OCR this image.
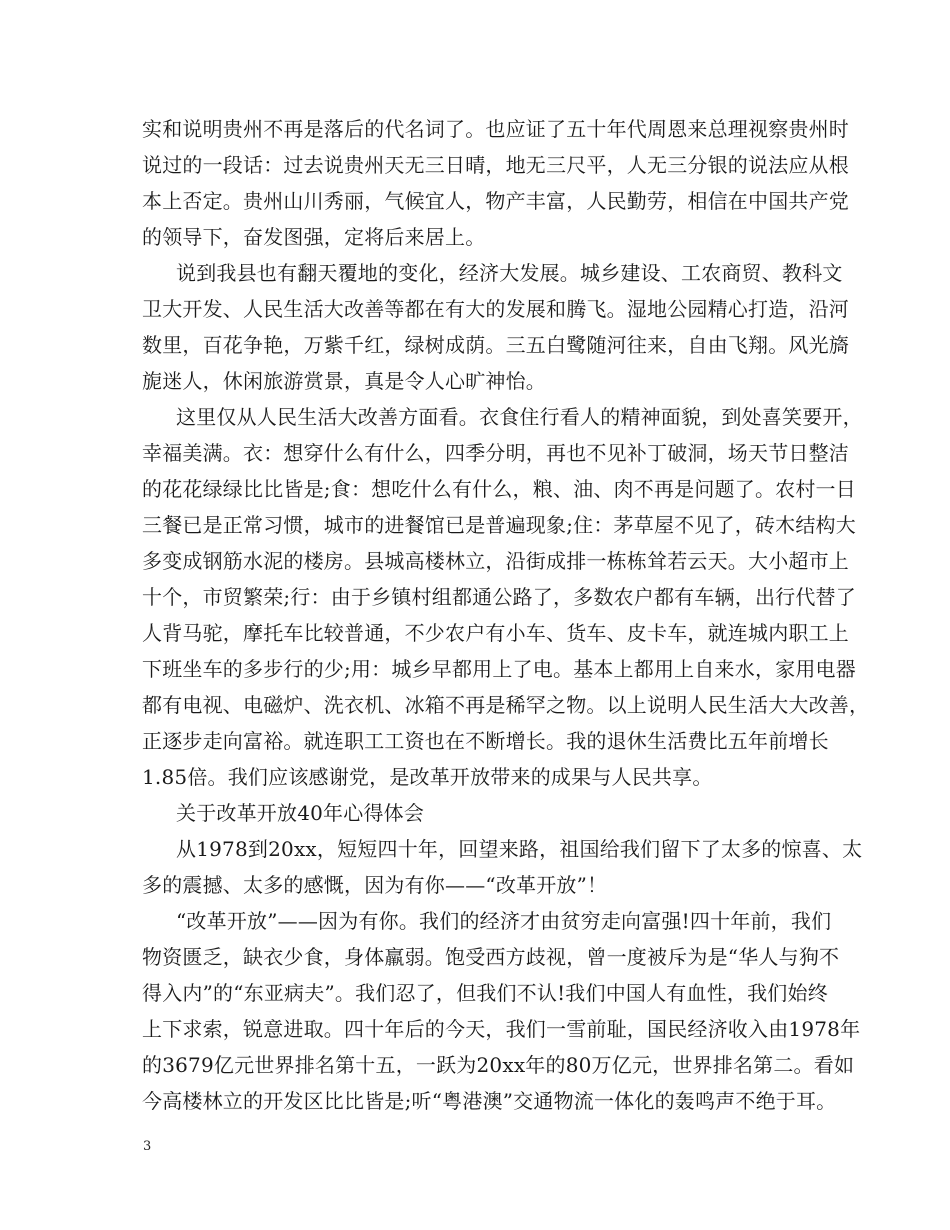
实和说明贵州不再是落后的代名词了。也应证了五十年代周恩来总理视察贵州时
说过的一段话：过去说贵州天无三日晴，地无三尺平，人无三分银的说法应从根
本上否定。贵州山川秀丽，气候宜人，物产丰富，人民勤劳，相信在中国共产党
的领导下，奋发图强，定将后来居上。
说到我县也有翻天覆地的变化，经济大发展。城乡建设、工农商贸、教科文
卫大开发、人民生活大改善等都在有大的发展和腾飞。湿地公园精心打造，沿河
数里，百花争艳，万紫千红，绿树成荫。三五白鹭随河往来，自由飞翔。风光旖
旎迷人，休闲旅游赏景，真是令人心旷神怡。
这里仅从人民生活大改善方面看。衣食住行看人的精神面貌，到处喜笑要开，
幸福美满。衣：想穿什么有什么，四季分明，再也不见补丁破洞，场天节日整洁
的花花绿绿比比皆是;食：想吃什么有什么，粮、油、肉不再是问题了。农村一日
三餐已是正常习惯，城市的进餐馆已是普遍现象;住：茅草屋不见了，砖木结构大
多变成钢筋水泥的楼房。县城高楼林立，沿街成排一栋栋耸若云天。大小超市上
十个，市贸繁荣;行：由于乡镇村组都通公路了，多数农户都有车辆，出行代替了
人背马驼，摩托车比较普通，不少农户有小车、货车、皮卡车，就连城内职工上
下班坐车的多步行的少;用：城乡早都用上了电。基本上都用上自来水，家用电器
都有电视、电磁炉、洗衣机、冰箱不再是稀罕之物。以上说明人民生活大大改善，
正逐步走向富裕。就连职工工资也在不断增长。我的退休生活费比五年前增长
1.85倍。我们应该感谢党，是改革开放带来的成果与人民共享。
关于改革开放40年心得体会
从1978到20xx，短短四十年，回望来路，祖国给我们留下了太多的惊喜、太
多的震撼、太多的感慨，因为有你——“改革开放”！
“改革开放”——因为有你。我们的经济才由贫穷走向富强!四十年前，我们
物资匮乏，缺衣少食，身体羸弱。饱受西方歧视，曾一度被斥为是“华人与狗不
得入内”的“东亚病夫”。我们忍了，但我们不认!我们中国人有血性，我们始终
上下求索，锐意进取。四十年后的今天，我们一雪前耻，国民经济收入由1978年
的3679亿元世界排名第十五，一跃为20xx年的80万亿元，世界排名第二。看如
今高楼林立的开发区比比皆是;听“粤港澳”交通物流一体化的轰鸣声不绝于耳。
3
